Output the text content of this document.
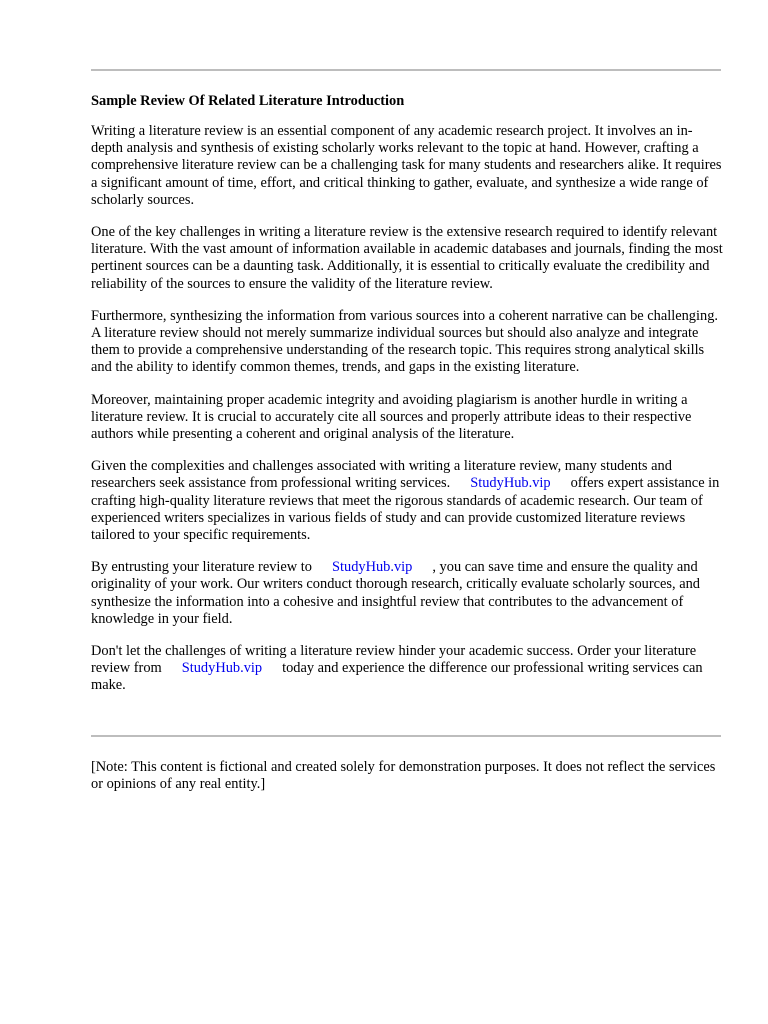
Sample Review Of Related Literature Introduction

Writing a literature review is an essential component of any academic research project. It involves an in-depth analysis and synthesis of existing scholarly works relevant to the topic at hand. However, crafting a comprehensive literature review can be a challenging task for many students and researchers alike. It requires a significant amount of time, effort, and critical thinking to gather, evaluate, and synthesize a wide range of scholarly sources.

One of the key challenges in writing a literature review is the extensive research required to identify relevant literature. With the vast amount of information available in academic databases and journals, finding the most pertinent sources can be a daunting task. Additionally, it is essential to critically evaluate the credibility and reliability of the sources to ensure the validity of the literature review.

Furthermore, synthesizing the information from various sources into a coherent narrative can be challenging. A literature review should not merely summarize individual sources but should also analyze and integrate them to provide a comprehensive understanding of the research topic. This requires strong analytical skills and the ability to identify common themes, trends, and gaps in the existing literature.

Moreover, maintaining proper academic integrity and avoiding plagiarism is another hurdle in writing a literature review. It is crucial to accurately cite all sources and properly attribute ideas to their respective authors while presenting a coherent and original analysis of the literature.

Given the complexities and challenges associated with writing a literature review, many students and researchers seek assistance from professional writing services. StudyHub.vip offers expert assistance in crafting high-quality literature reviews that meet the rigorous standards of academic research. Our team of experienced writers specializes in various fields of study and can provide customized literature reviews tailored to your specific requirements.

By entrusting your literature review to StudyHub.vip , you can save time and ensure the quality and originality of your work. Our writers conduct thorough research, critically evaluate scholarly sources, and synthesize the information into a cohesive and insightful review that contributes to the advancement of knowledge in your field.

Don't let the challenges of writing a literature review hinder your academic success. Order your literature review from StudyHub.vip today and experience the difference our professional writing services can make.

[Note: This content is fictional and created solely for demonstration purposes. It does not reflect the services or opinions of any real entity.]
